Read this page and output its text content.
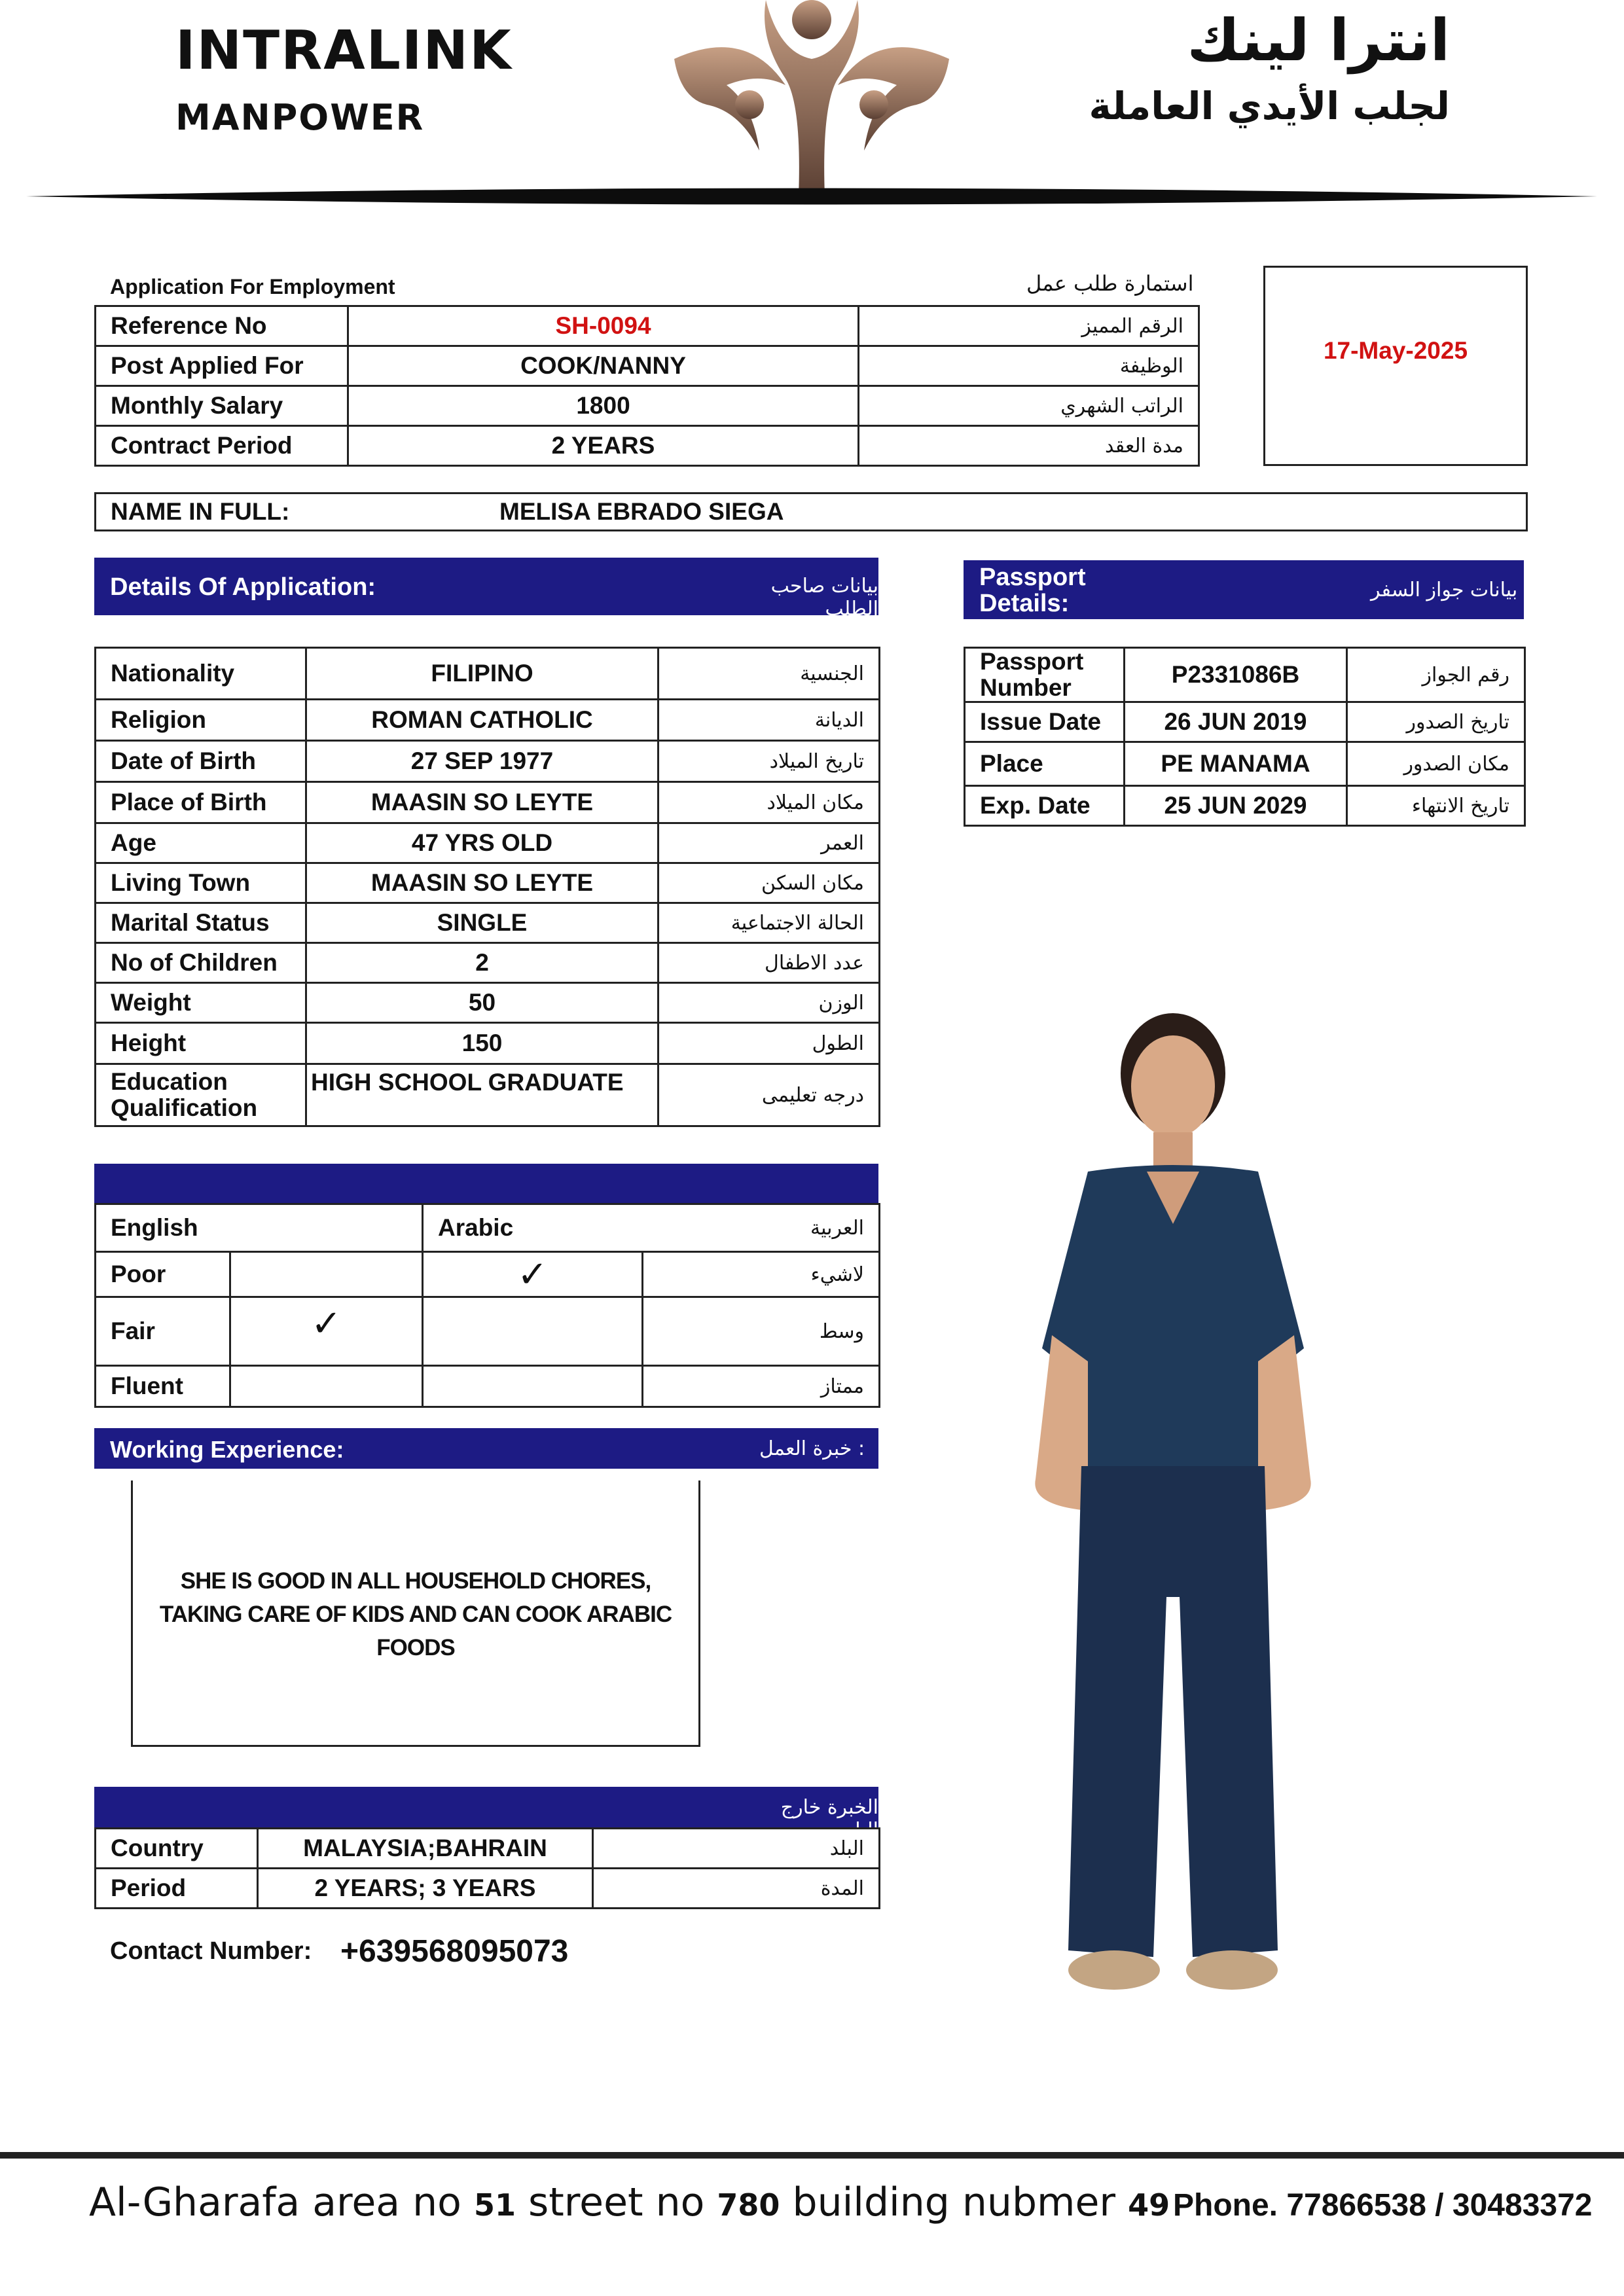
INTRALINK
MANPOWER
انترا لينك
لجلب الأيدي العاملة
Application For Employment	استمارة طلب عمل
Reference No	SH-0094	الرقم المميز
Post Applied For	COOK/NANNY	الوظيفة
Monthly Salary	1800	الراتب الشهري
Contract Period	2 YEARS	مدة العقد
17-May-2025
NAME IN FULL:	MELISA EBRADO SIEGA
Details Of Application:	بيانات صاحب الطلب
Nationality	FILIPINO	الجنسية
Religion	ROMAN CATHOLIC	الديانة
Date of Birth	27 SEP 1977	تاريخ الميلاد
Place of Birth	MAASIN SO LEYTE	مكان الميلاد
Age	47 YRS OLD	العمر
Living Town	MAASIN SO LEYTE	مكان السكن
Marital Status	SINGLE	الحالة الاجتماعية
No of Children	2	عدد الاطفال
Weight	50	الوزن
Height	150	الطول

Education
Qualification	HIGH SCHOOL GRADUATE	درجه تعليمى
Passport
Details:	بيانات جواز السفر
Passport
Number	P2331086B	رقم الجواز
Issue Date	26 JUN 2019	تاريخ الصدور
Place	PE MANAMA	مكان الصدور
Exp. Date	25 JUN 2029	تاريخ الانتهاء
English		Arabic	العربية
Poor		✓	لاشيء
Fair	✓		وسط
Fluent			ممتاز
Working Experience:	: خبرة العمل
SHE IS GOOD IN ALL HOUSEHOLD CHORES, TAKING CARE OF KIDS AND CAN COOK ARABIC FOODS
الخبرة خارج البلد
Country	MALAYSIA;BAHRAIN	البلد
Period	2 YEARS; 3 YEARS	المدة
Contact Number: +639568095073
Al-Gharafa area no 51 street no 780 building nubmer 49 Phone. 77866538 / 30483372
